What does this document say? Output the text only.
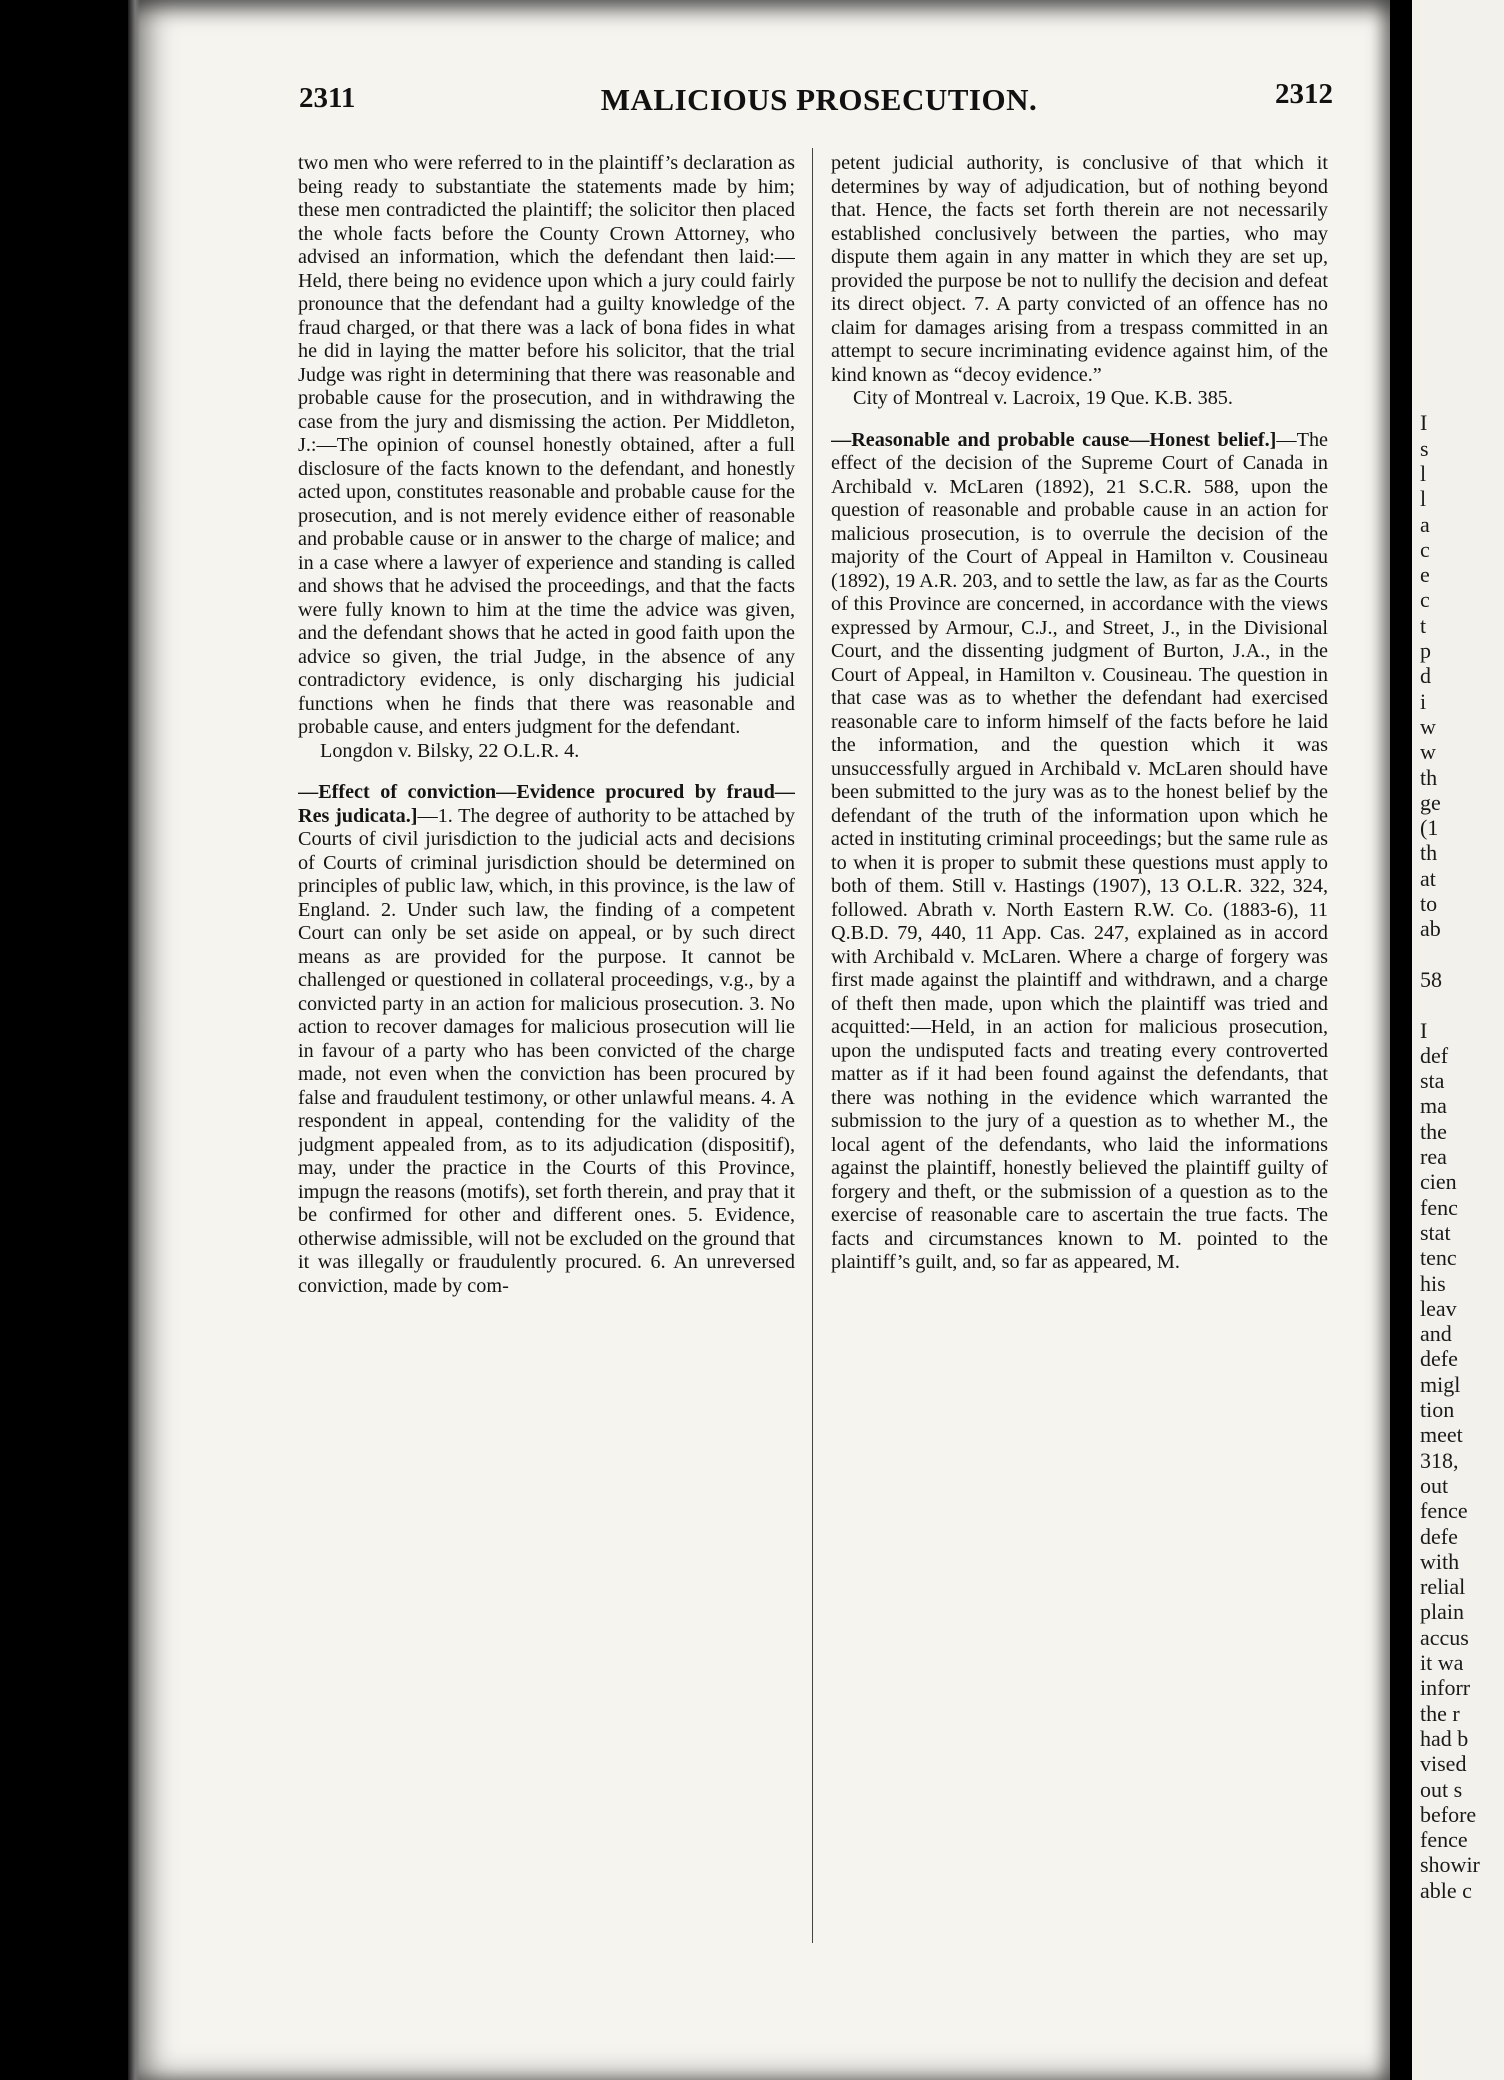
2311	MALICIOUS PROSECUTION.	2312

two men who were referred to in the plaintiff’s declaration as being ready to substantiate the statements made by him; these men contradicted the plaintiff; the solicitor then placed the whole facts before the County Crown Attorney, who advised an information, which the defendant then laid:—Held, there being no evidence upon which a jury could fairly pronounce that the defendant had a guilty knowledge of the fraud charged, or that there was a lack of bona fides in what he did in laying the matter before his solicitor, that the trial Judge was right in determining that there was reasonable and probable cause for the prosecution, and in withdrawing the case from the jury and dismissing the action. Per Middleton, J.:—The opinion of counsel honestly obtained, after a full disclosure of the facts known to the defendant, and honestly acted upon, constitutes reasonable and probable cause for the prosecution, and is not merely evidence either of reasonable and probable cause or in answer to the charge of malice; and in a case where a lawyer of experience and standing is called and shows that he advised the proceedings, and that the facts were fully known to him at the time the advice was given, and the defendant shows that he acted in good faith upon the advice so given, the trial Judge, in the absence of any contradictory evidence, is only discharging his judicial functions when he finds that there was reasonable and probable cause, and enters judgment for the defendant.

Longdon v. Bilsky, 22 O.L.R. 4.

—Effect of conviction—Evidence procured by fraud—Res judicata.]—1. The degree of authority to be attached by Courts of civil jurisdiction to the judicial acts and decisions of Courts of criminal jurisdiction should be determined on principles of public law, which, in this province, is the law of England. 2. Under such law, the finding of a competent Court can only be set aside on appeal, or by such direct means as are provided for the purpose. It cannot be challenged or questioned in collateral proceedings, v.g., by a convicted party in an action for malicious prosecution. 3. No action to recover damages for malicious prosecution will lie in favour of a party who has been convicted of the charge made, not even when the conviction has been procured by false and fraudulent testimony, or other unlawful means. 4. A respondent in appeal, contending for the validity of the judgment appealed from, as to its adjudication (dispositif), may, under the practice in the Courts of this Province, impugn the reasons (motifs), set forth therein, and pray that it be confirmed for other and different ones. 5. Evidence, otherwise admissible, will not be excluded on the ground that it was illegally or fraudulently procured. 6. An unreversed conviction, made by com-

petent judicial authority, is conclusive of that which it determines by way of adjudication, but of nothing beyond that. Hence, the facts set forth therein are not necessarily established conclusively between the parties, who may dispute them again in any matter in which they are set up, provided the purpose be not to nullify the decision and defeat its direct object. 7. A party convicted of an offence has no claim for damages arising from a trespass committed in an attempt to secure incriminating evidence against him, of the kind known as “decoy evidence.”

City of Montreal v. Lacroix, 19 Que. K.B. 385.

—Reasonable and probable cause—Honest belief.]—The effect of the decision of the Supreme Court of Canada in Archibald v. McLaren (1892), 21 S.C.R. 588, upon the question of reasonable and probable cause in an action for malicious prosecution, is to overrule the decision of the majority of the Court of Appeal in Hamilton v. Cousineau (1892), 19 A.R. 203, and to settle the law, as far as the Courts of this Province are concerned, in accordance with the views expressed by Armour, C.J., and Street, J., in the Divisional Court, and the dissenting judgment of Burton, J.A., in the Court of Appeal, in Hamilton v. Cousineau. The question in that case was as to whether the defendant had exercised reasonable care to inform himself of the facts before he laid the information, and the question which it was unsuccessfully argued in Archibald v. McLaren should have been submitted to the jury was as to the honest belief by the defendant of the truth of the information upon which he acted in instituting criminal proceedings; but the same rule as to when it is proper to submit these questions must apply to both of them. Still v. Hastings (1907), 13 O.L.R. 322, 324, followed. Abrath v. North Eastern R.W. Co. (1883-6), 11 Q.B.D. 79, 440, 11 App. Cas. 247, explained as in accord with Archibald v. McLaren. Where a charge of forgery was first made against the plaintiff and withdrawn, and a charge of theft then made, upon which the plaintiff was tried and acquitted:—Held, in an action for malicious prosecution, upon the undisputed facts and treating every controverted matter as if it had been found against the defendants, that there was nothing in the evidence which warranted the submission to the jury of a question as to whether M., the local agent of the defendants, who laid the informations against the plaintiff, honestly believed the plaintiff guilty of forgery and theft, or the submission of a question as to the exercise of reasonable care to ascertain the true facts. The facts and circumstances known to M. pointed to the plaintiff’s guilt, and, so far as appeared, M.

I
s
l
l
a
c
e
c
t
p
d
i
w
w
th
ge
(1
th
at
to
ab
58
I
def
sta
ma
the
rea
cien
fenc
stat
tenc
his
leav
and
defe
migl
tion
meet
318,
out
fence
defe
with
relial
plain
accus
it wa
inforr
the r
had b
vised
out s
before
fence
showir
able c
